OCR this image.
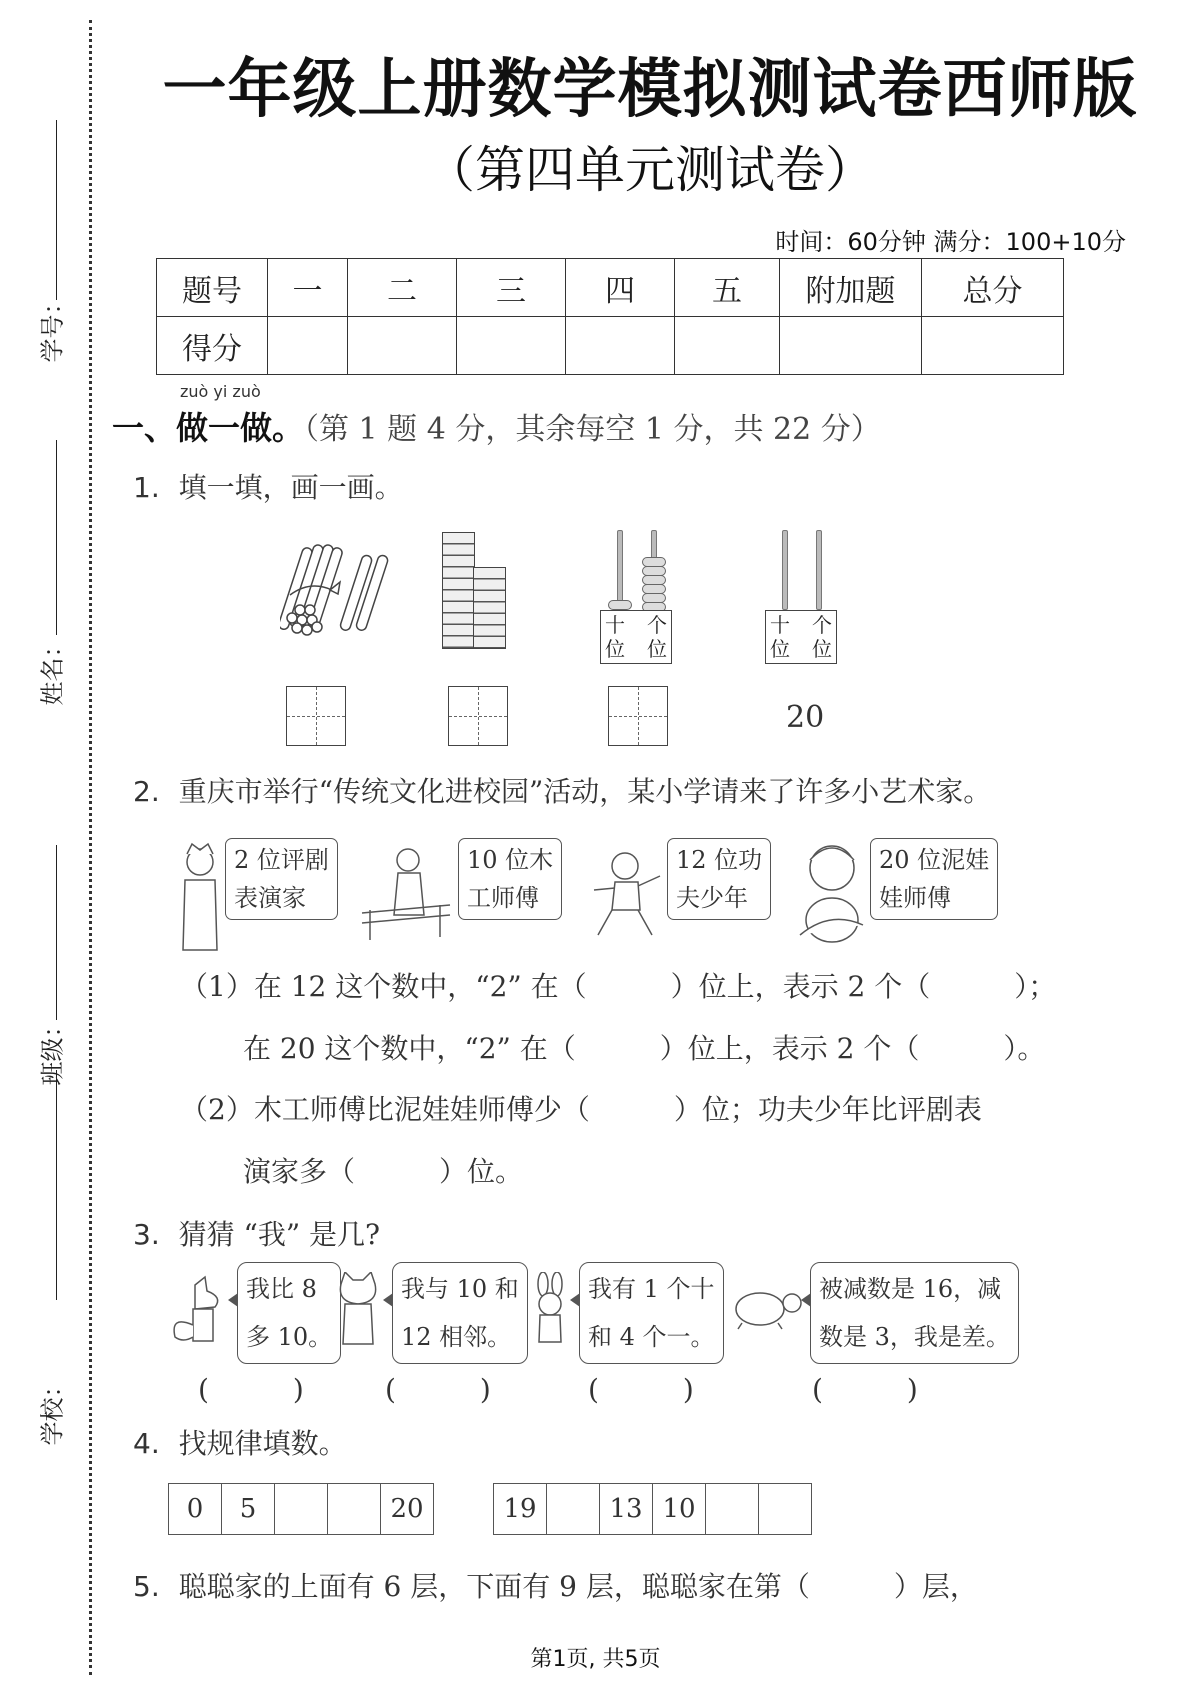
学号：
姓名：
班级：
学校：
一年级上册数学模拟测试卷西师版
（第四单元测试卷）
时间：60分钟 满分：100+10分
题号	一	二	三	四	五	附加题	总分
得分							
zuò yi zuò
一、做一做。（第 1 题 4 分，其余每空 1 分，共 22 分）
1. 填一填，画一画。
十
位
个
位
十
位
个
位
20
2. 重庆市举行“传统文化进校园”活动，某小学请来了许多小艺术家。
2 位评剧
表演家
10 位木
工师傅
12 位功
夫少年
20 位泥娃
娃师傅
（1）在 12 这个数中，“2” 在（　　　）位上，表示 2 个（　　　）；
在 20 这个数中，“2” 在（　　　）位上，表示 2 个（　　　）。
（2）木工师傅比泥娃娃师傅少（　　　）位；功夫少年比评剧表
演家多（　　　）位。
3. 猜猜 “我” 是几?
我比 8
多 10。
我与 10 和
12 相邻。
我有 1 个十
和 4 个一。
被减数是 16，减
数是 3，我是差。
(　　　)	(　　　)	(　　　)	(　　　)
4. 找规律填数。
0	5			20	19		13	10		
5. 聪聪家的上面有 6 层，下面有 9 层，聪聪家在第（　　　）层，
第1页, 共5页
